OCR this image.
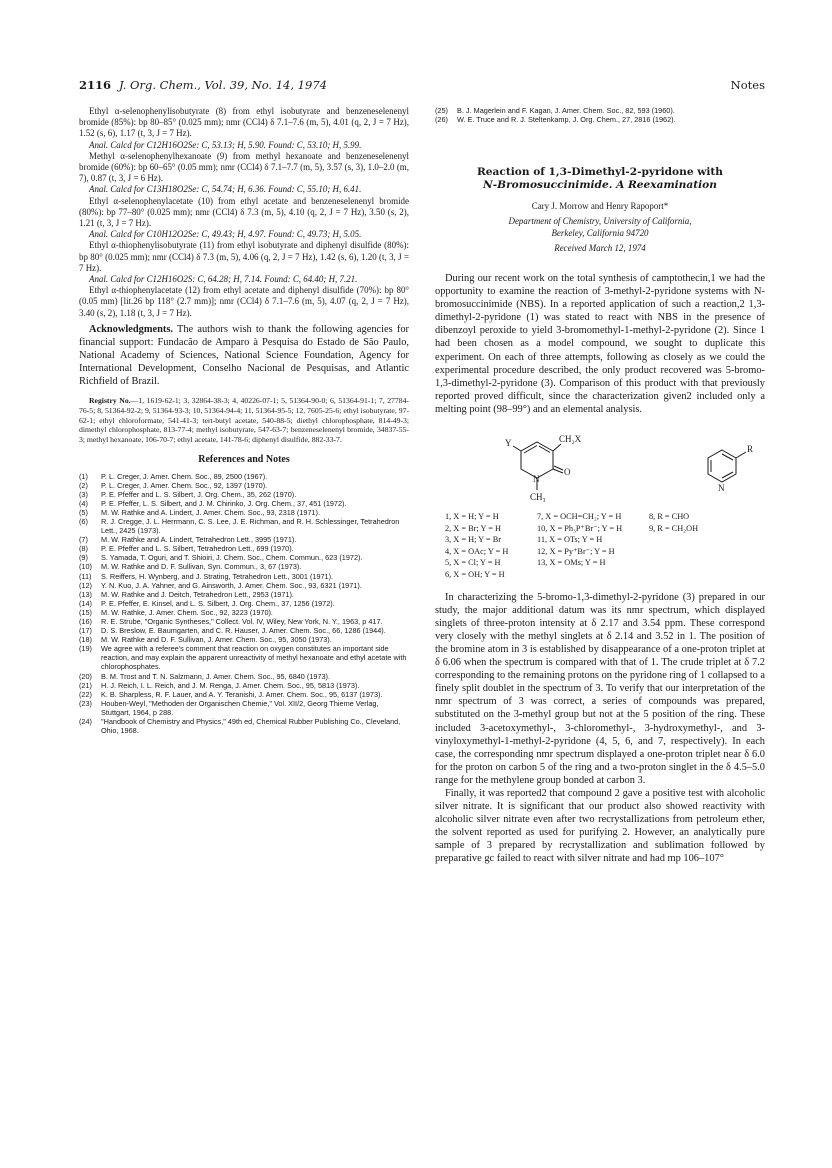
2116 J. Org. Chem., Vol. 39, No. 14, 1974	Notes

Ethyl α-selenophenylisobutyrate (8) from ethyl isobutyrate and benzeneselenenyl bromide (85%): bp 80–85° (0.025 mm); nmr (CCl4) δ 7.1–7.6 (m, 5), 4.01 (q, 2, J = 7 Hz), 1.52 (s, 6), 1.17 (t, 3, J = 7 Hz).

Anal. Calcd for C12H16O2Se: C, 53.13; H, 5.90. Found: C, 53.10; H, 5.99.

Methyl α-selenophenylhexanoate (9) from methyl hexanoate and benzeneselenenyl bromide (60%): bp 60–65° (0.05 mm); nmr (CCl4) δ 7.1–7.7 (m, 5), 3.57 (s, 3), 1.0–2.0 (m, 7), 0.87 (t, 3, J = 6 Hz).

Anal. Calcd for C13H18O2Se: C, 54.74; H, 6.36. Found: C, 55.10; H, 6.41.

Ethyl α-selenophenylacetate (10) from ethyl acetate and benzeneselenenyl bromide (80%): bp 77–80° (0.025 mm); nmr (CCl4) δ 7.3 (m, 5), 4.10 (q, 2, J = 7 Hz), 3.50 (s, 2), 1.21 (t, 3, J = 7 Hz).

Anal. Calcd for C10H12O2Se: C, 49.43; H, 4.97. Found: C, 49.73; H, 5.05.

Ethyl α-thiophenylisobutyrate (11) from ethyl isobutyrate and diphenyl disulfide (80%): bp 80° (0.025 mm); nmr (CCl4) δ 7.3 (m, 5), 4.06 (q, 2, J = 7 Hz), 1.42 (s, 6), 1.20 (t, 3, J = 7 Hz).

Anal. Calcd for C12H16O2S: C, 64.28; H, 7.14. Found: C, 64.40; H, 7.21.

Ethyl α-thiophenylacetate (12) from ethyl acetate and diphenyl disulfide (70%): bp 80° (0.05 mm) [lit.26 bp 118° (2.7 mm)]; nmr (CCl4) δ 7.1–7.6 (m, 5), 4.07 (q, 2, J = 7 Hz), 3.40 (s, 2), 1.18 (t, 3, J = 7 Hz).

Acknowledgments. The authors wish to thank the following agencies for financial support: Fundacão de Amparo à Pesquisa do Estado de São Paulo, National Academy of Sciences, National Science Foundation, Agency for International Development, Conselho Nacional de Pesquisas, and Atlantic Richfield of Brazil.

Registry No.—1, 1619-62-1; 3, 32864-38-3; 4, 40226-07-1; 5, 51364-90-0; 6, 51364-91-1; 7, 27784-76-5; 8, 51364-92-2; 9, 51364-93-3; 10, 51364-94-4; 11, 51364-95-5; 12, 7605-25-6; ethyl isobutyrate, 97-62-1; ethyl chloroformate, 541-41-3; tert-butyl acetate, 540-88-5; diethyl chlorophosphate, 814-49-3; dimethyl chlorophosphate, 813-77-4; methyl isobutyrate, 547-63-7; benzeneselenenyl bromide, 34837-55-3; methyl hexanoate, 106-70-7; ethyl acetate, 141-78-6; diphenyl disulfide, 882-33-7.

References and Notes
(1)	P. L. Creger, J. Amer. Chem. Soc., 89, 2500 (1967).
(2)	P. L. Creger, J. Amer. Chem. Soc., 92, 1397 (1970).
(3)	P. E. Pfeffer and L. S. Silbert, J. Org. Chem., 35, 262 (1970).
(4)	P. E. Pfeffer, L. S. Silbert, and J. M. Chirinko, J. Org. Chem., 37, 451 (1972).
(5)	M. W. Rathke and A. Lindert, J. Amer. Chem. Soc., 93, 2318 (1971).
(6)	R. J. Cregge, J. L. Herrmann, C. S. Lee, J. E. Richman, and R. H. Schlessinger, Tetrahedron Lett., 2425 (1973).
(7)	M. W. Rathke and A. Lindert, Tetrahedron Lett., 3995 (1971).
(8)	P. E. Pfeffer and L. S. Silbert, Tetrahedron Lett., 699 (1970).
(9)	S. Yamada, T. Oguri, and T. Shioiri, J. Chem. Soc., Chem. Commun., 623 (1972).
(10)	M. W. Rathke and D. F. Sullivan, Syn. Commun., 3, 67 (1973).
(11)	S. Reiffers, H. Wynberg, and J. Strating, Tetrahedron Lett., 3001 (1971).
(12)	Y. N. Kuo, J. A. Yahner, and G. Ainsworth, J. Amer. Chem. Soc., 93, 6321 (1971).
(13)	M. W. Rathke and J. Deitch, Tetrahedron Lett., 2953 (1971).
(14)	P. E. Pfeffer, E. Kinsel, and L. S. Silbert, J. Org. Chem., 37, 1256 (1972).
(15)	M. W. Rathke, J. Amer. Chem. Soc., 92, 3223 (1970).
(16)	R. E. Strube, "Organic Syntheses," Collect. Vol. IV, Wiley, New York, N. Y., 1963, p 417.
(17)	D. S. Breslow, E. Baumgarten, and C. R. Hauser, J. Amer. Chem. Soc., 66, 1286 (1944).
(18)	M. W. Rathke and D. F. Sullivan, J. Amer. Chem. Soc., 95, 3050 (1973).
(19)	We agree with a referee's comment that reaction on oxygen constitutes an important side reaction, and may explain the apparent unreactivity of methyl hexanoate and ethyl acetate with chlorophosphates.
(20)	B. M. Trost and T. N. Salzmann, J. Amer. Chem. Soc., 95, 6840 (1973).
(21)	H. J. Reich, I. L. Reich, and J. M. Renga, J. Amer. Chem. Soc., 95, 5813 (1973).
(22)	K. B. Sharpless, R. F. Lauer, and A. Y. Teranishi, J. Amer. Chem. Soc., 95, 6137 (1973).
(23)	Houben-Weyl, "Methoden der Organischen Chemie," Vol. XII/2, Georg Thieme Verlag, Stuttgart, 1964, p 288.
(24)	"Handbook of Chemistry and Physics," 49th ed, Chemical Rubber Publishing Co., Cleveland, Ohio, 1968.
(25)	B. J. Magerlein and F. Kagan, J. Amer. Chem. Soc., 82, 593 (1960).
(26)	W. E. Truce and R. J. Steltenkamp, J. Org. Chem., 27, 2816 (1962).
Reaction of 1,3-Dimethyl-2-pyridone with
N-Bromosuccinimide. A Reexamination
Cary J. Morrow and Henry Rapoport*
Department of Chemistry, University of California,
Berkeley, California 94720
Received March 12, 1974

During our recent work on the total synthesis of camptothecin,1 we had the opportunity to examine the reaction of 3-methyl-2-pyridone systems with N-bromosuccinimide (NBS). In a reported application of such a reaction,2 1,3-dimethyl-2-pyridone (1) was stated to react with NBS in the presence of dibenzoyl peroxide to yield 3-bromomethyl-1-methyl-2-pyridone (2). Since 1 had been chosen as a model compound, we sought to duplicate this experiment. On each of three attempts, following as closely as we could the experimental procedure described, the only product recovered was 5-bromo-1,3-dimethyl-2-pyridone (3). Comparison of this product with that previously reported proved difficult, since the characterization given2 included only a melting point (98–99°) and an elemental analysis.

Y	CH₂X
N
O
CH₃
R
N
1, X = H; Y = H	7, X = OCH=CH₂; Y = H	8, R = CHO
2, X = Br; Y = H	10, X = Ph₃P⁺Br⁻; Y = H	9, R = CH₂OH
3, X = H; Y = Br	11, X = OTs; Y = H
4, X = OAc; Y = H	12, X = Py⁺Br⁻; Y = H
5, X = Cl; Y = H	13, X = OMs; Y = H
6, X = OH; Y = H

In characterizing the 5-bromo-1,3-dimethyl-2-pyridone (3) prepared in our study, the major additional datum was its nmr spectrum, which displayed singlets of three-proton intensity at δ 2.17 and 3.54 ppm. These correspond very closely with the methyl singlets at δ 2.14 and 3.52 in 1. The position of the bromine atom in 3 is established by disappearance of a one-proton triplet at δ 6.06 when the spectrum is compared with that of 1. The crude triplet at δ 7.2 corresponding to the remaining protons on the pyridone ring of 1 collapsed to a finely split doublet in the spectrum of 3. To verify that our interpretation of the nmr spectrum of 3 was correct, a series of compounds was prepared, substituted on the 3-methyl group but not at the 5 position of the ring. These included 3-acetoxymethyl-, 3-chloromethyl-, 3-hydroxymethyl-, and 3-vinyloxymethyl-1-methyl-2-pyridone (4, 5, 6, and 7, respectively). In each case, the corresponding nmr spectrum displayed a one-proton triplet near δ 6.0 for the proton on carbon 5 of the ring and a two-proton singlet in the δ 4.5–5.0 range for the methylene group bonded at carbon 3.

Finally, it was reported2 that compound 2 gave a positive test with alcoholic silver nitrate. It is significant that our product also showed reactivity with alcoholic silver nitrate even after two recrystallizations from petroleum ether, the solvent reported as used for purifying 2. However, an analytically pure sample of 3 prepared by recrystallization and sublimation followed by preparative gc failed to react with silver nitrate and had mp 106–107°
